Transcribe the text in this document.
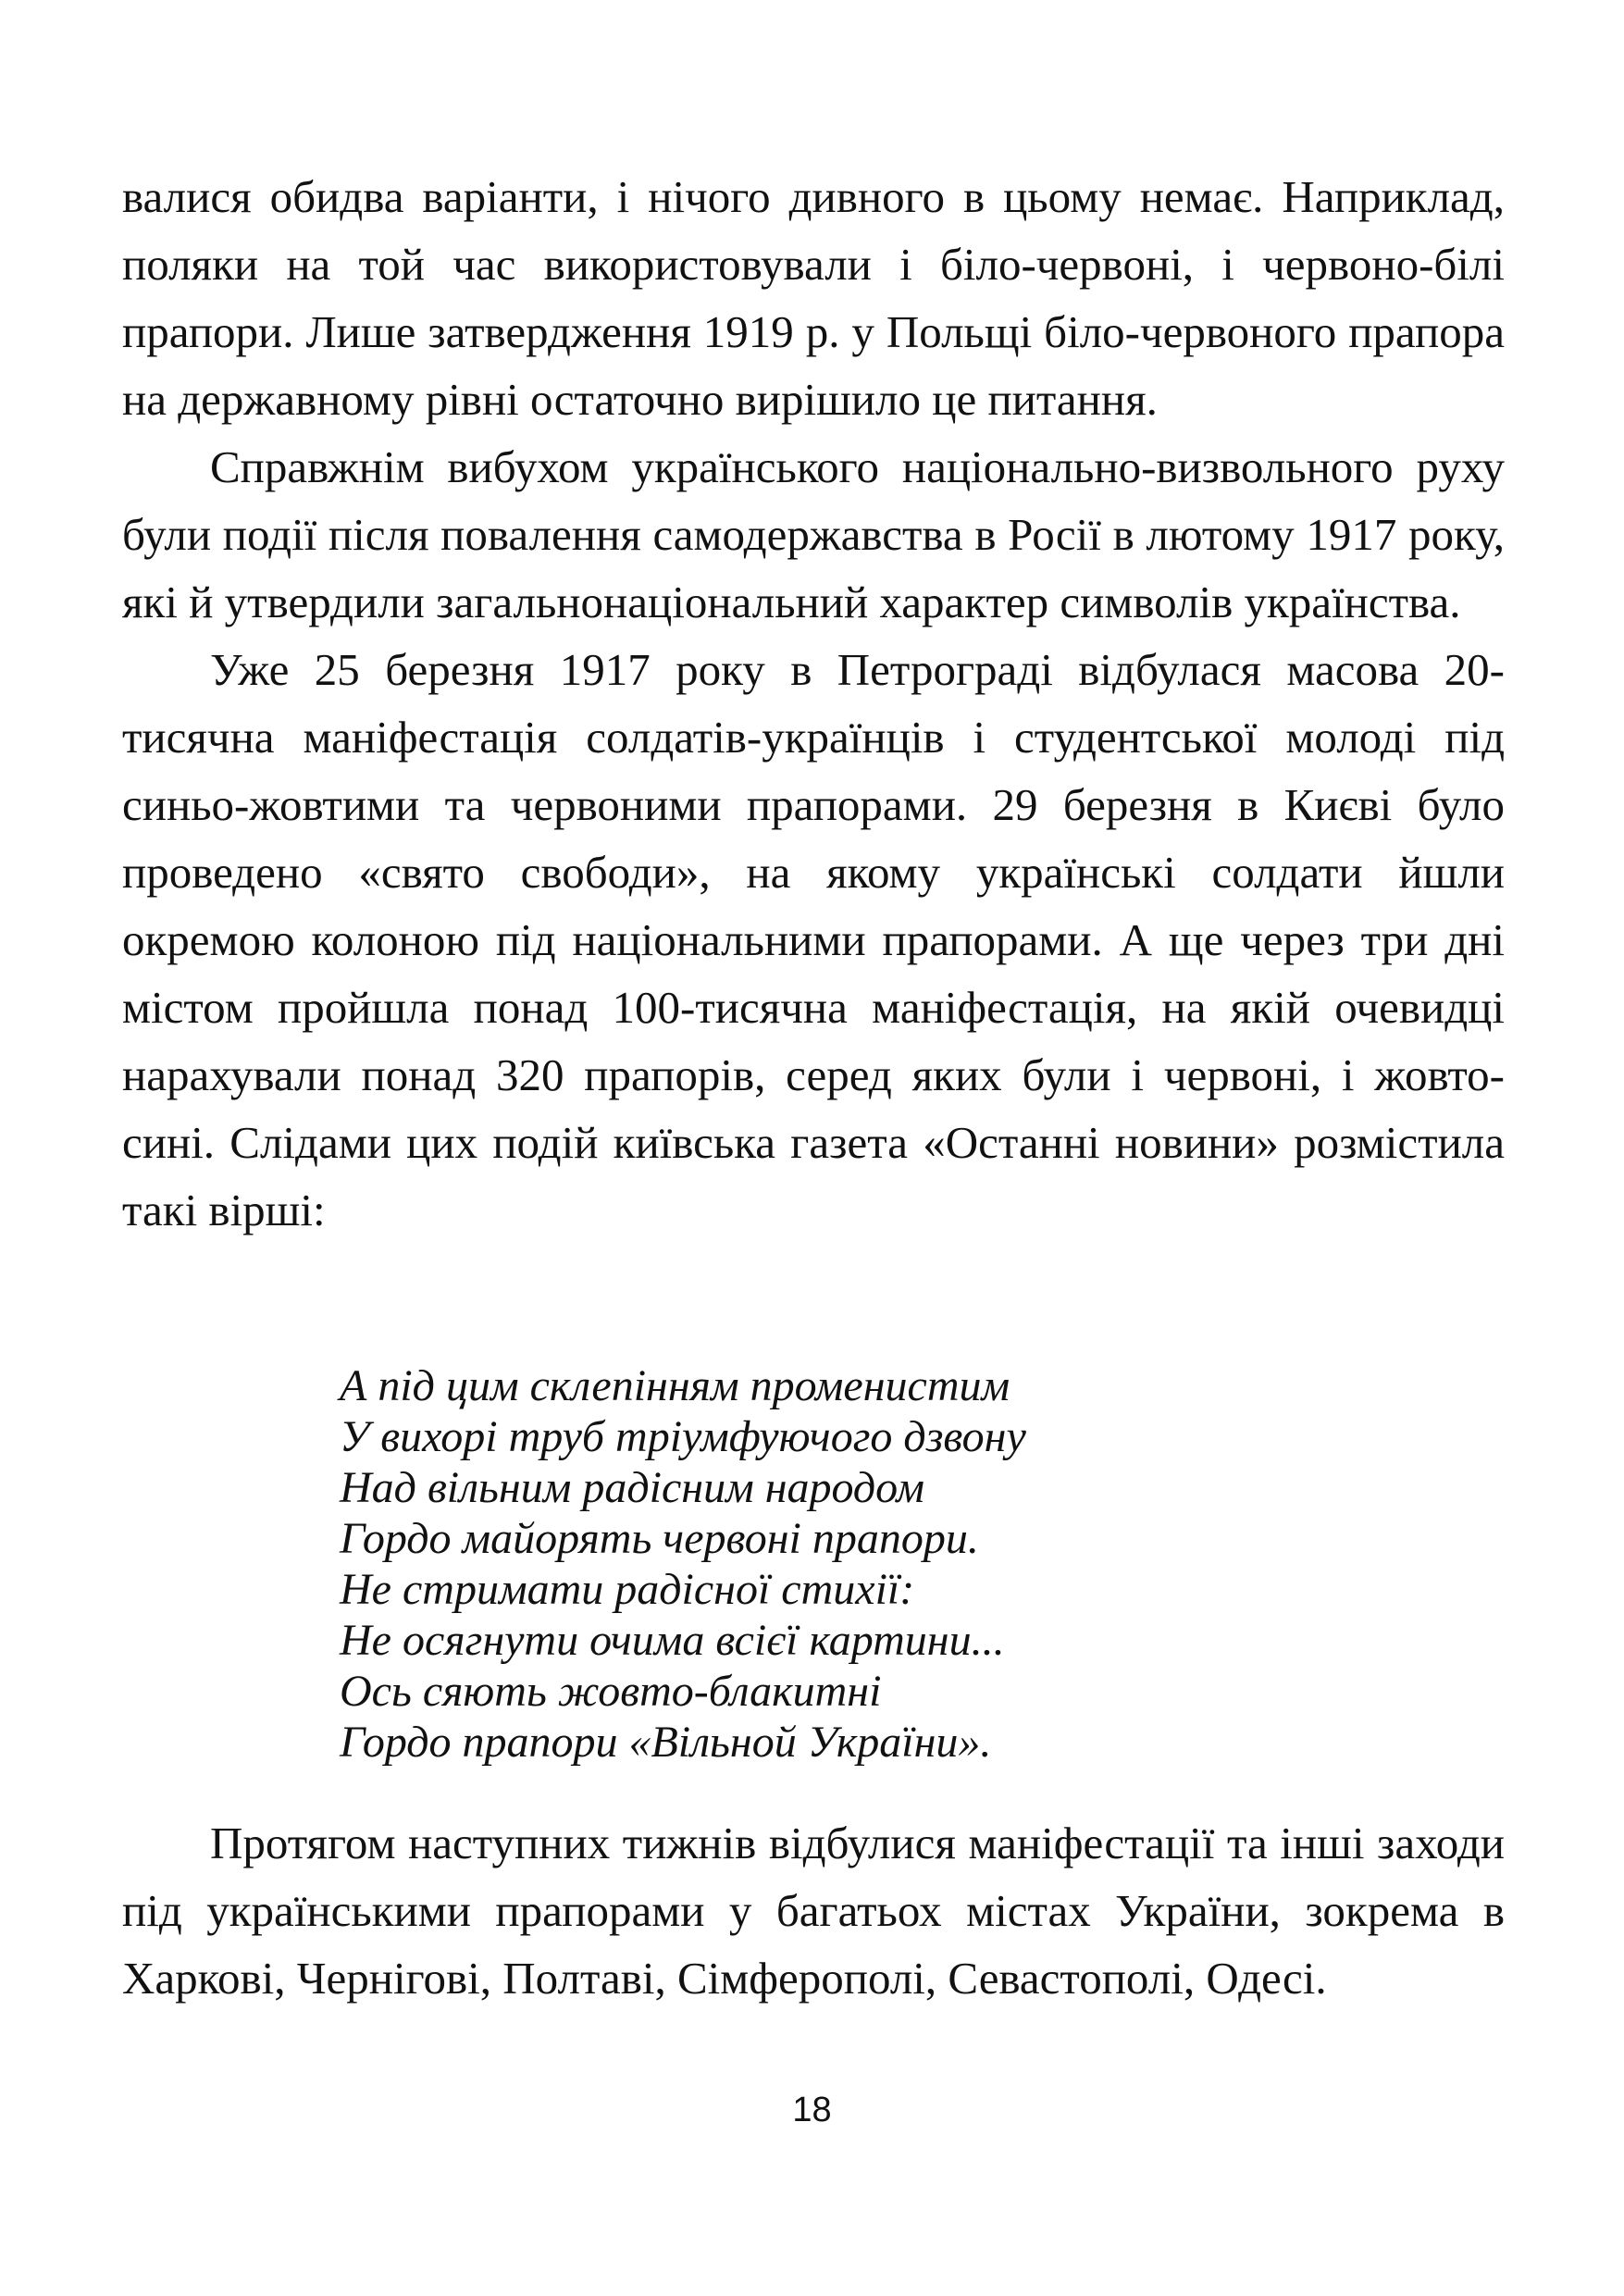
валися обидва варіанти, і нічого дивного в цьому немає. Наприклад, поляки на той час використовували і біло-червоні, і червоно-білі прапори. Лише затвердження 1919 р. у Польщі біло-червоного прапора на державному рівні остаточно вирішило це питання.

Справжнім вибухом українського національно-визвольного руху були події після повалення самодержавства в Росії в лютому 1917 року, які й утвердили загальнонаціональний характер символів українства.

Уже 25 березня 1917 року в Петрограді відбулася масова 20-тисячна маніфестація солдатів-українців і студентської молоді під синьо-жовтими та червоними прапорами. 29 березня в Києві було проведено «свято свободи», на якому українські солдати йшли окремою колоною під національними прапорами. А ще через три дні містом пройшла понад 100-тисячна маніфестація, на якій очевидці нарахували понад 320 прапорів, серед яких були і червоні, і жовто-сині. Слідами цих подій київська газета «Останні новини» розмістила такі вірші:

А під цим склепінням променистим
У вихорі труб тріумфуючого дзвону
Над вільним радісним народом
Гордо майорять червоні прапори.
Не стримати радісної стихії:
Не осягнути очима всієї картини...
Ось сяють жовто-блакитні
Гордо прапори «Вільной України».

Протягом наступних тижнів відбулися маніфестації та інші заходи під українськими прапорами у багатьох містах України, зокрема в Харкові, Чернігові, Полтаві, Сімферополі, Севастополі, Одесі.

18
